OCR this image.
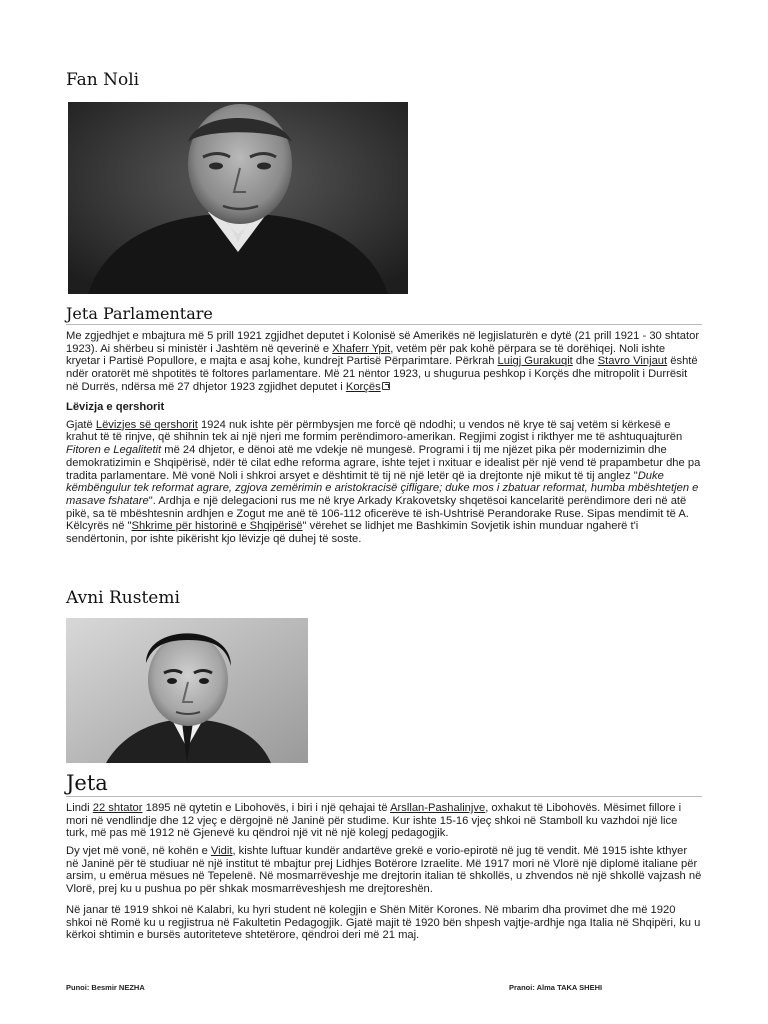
Fan Noli
Jeta Parlamentare

Me zgjedhjet e mbajtura më 5 prill 1921 zgjidhet deputet i Kolonisë së Amerikës në legjislaturën e dytë (21 prill 1921 - 30 shtator 1923). Ai shërbeu si ministër i Jashtëm në qeverinë e Xhaferr Ypit, vetëm për pak kohë përpara se të dorëhiqej. Noli ishte kryetar i Partisë Popullore, e majta e asaj kohe, kundrejt Partisë Përparimtare. Përkrah Luigj Gurakuqit dhe Stavro Vinjaut është ndër oratorët më shpotitës të foltores parlamentare. Më 21 nëntor 1923, u shugurua peshkop i Korçës dhe mitropolit i Durrësit në Durrës, ndërsa më 27 dhjetor 1923 zgjidhet deputet i Korçës

Lëvizja e qershorit

Gjatë Lëvizjes së qershorit 1924 nuk ishte për përmbysjen me forcë që ndodhi; u vendos në krye të saj vetëm si kërkesë e krahut të të rinjve, që shihnin tek ai një njeri me formim perëndimoro-amerikan. Regjimi zogist i rikthyer me të ashtuquajturën Fitoren e Legalitetit më 24 dhjetor, e dënoi atë me vdekje në mungesë. Programi i tij me njëzet pika për modernizimin dhe demokratizimin e Shqipërisë, ndër të cilat edhe reforma agrare, ishte tejet i nxituar e idealist për një vend të prapambetur dhe pa tradita parlamentare. Më vonë Noli i shkroi arsyet e dështimit të tij në një letër që ia drejtonte një mikut të tij anglez "Duke këmbëngulur tek reformat agrare, zgjova zemërimin e aristokracisë çifligare; duke mos i zbatuar reformat, humba mbështetjen e masave fshatare". Ardhja e një delegacioni rus me në krye Arkady Krakovetsky shqetësoi kancelaritë perëndimore deri në atë pikë, sa të mbështesnin ardhjen e Zogut me anë të 106-112 oficerëve të ish-Ushtrisë Perandorake Ruse. Sipas mendimit të A. Këlcyrës në "Shkrime për historinë e Shqipërisë" vërehet se lidhjet me Bashkimin Sovjetik ishin munduar ngaherë t'i sendërtonin, por ishte pikërisht kjo lëvizje që duhej të soste.

Avni Rustemi
Jeta

Lindi 22 shtator 1895 në qytetin e Libohovës, i biri i një qehajai të Arsllan-Pashalinjve, oxhakut të Libohovës. Mësimet fillore i mori në vendlindje dhe 12 vjeç e dërgojnë në Janinë për studime. Kur ishte 15-16 vjeç shkoi në Stamboll ku vazhdoi një lice turk, më pas më 1912 në Gjenevë ku qëndroi një vit në një kolegj pedagogjik.

Dy vjet më vonë, në kohën e Vidit, kishte luftuar kundër andartëve grekë e vorio-epirotë në jug të vendit. Më 1915 ishte kthyer në Janinë për të studiuar në një institut të mbajtur prej Lidhjes Botërore Izraelite. Më 1917 mori në Vlorë një diplomë italiane për arsim, u emërua mësues në Tepelenë. Në mosmarrëveshje me drejtorin italian të shkollës, u zhvendos në një shkollë vajzash në Vlorë, prej ku u pushua po për shkak mosmarrëveshjesh me drejtoreshën.

Në janar të 1919 shkoi në Kalabri, ku hyri student në kolegjin e Shën Mitër Korones. Në mbarim dha provimet dhe më 1920 shkoi në Romë ku u regjistrua në Fakultetin Pedagogjik. Gjatë majit të 1920 bën shpesh vajtje-ardhje nga Italia në Shqipëri, ku u kërkoi shtimin e bursës autoriteteve shtetërore, qëndroi deri më 21 maj.

Punoi: Besmir NEZHA	Pranoi: Alma TAKA SHEHI
